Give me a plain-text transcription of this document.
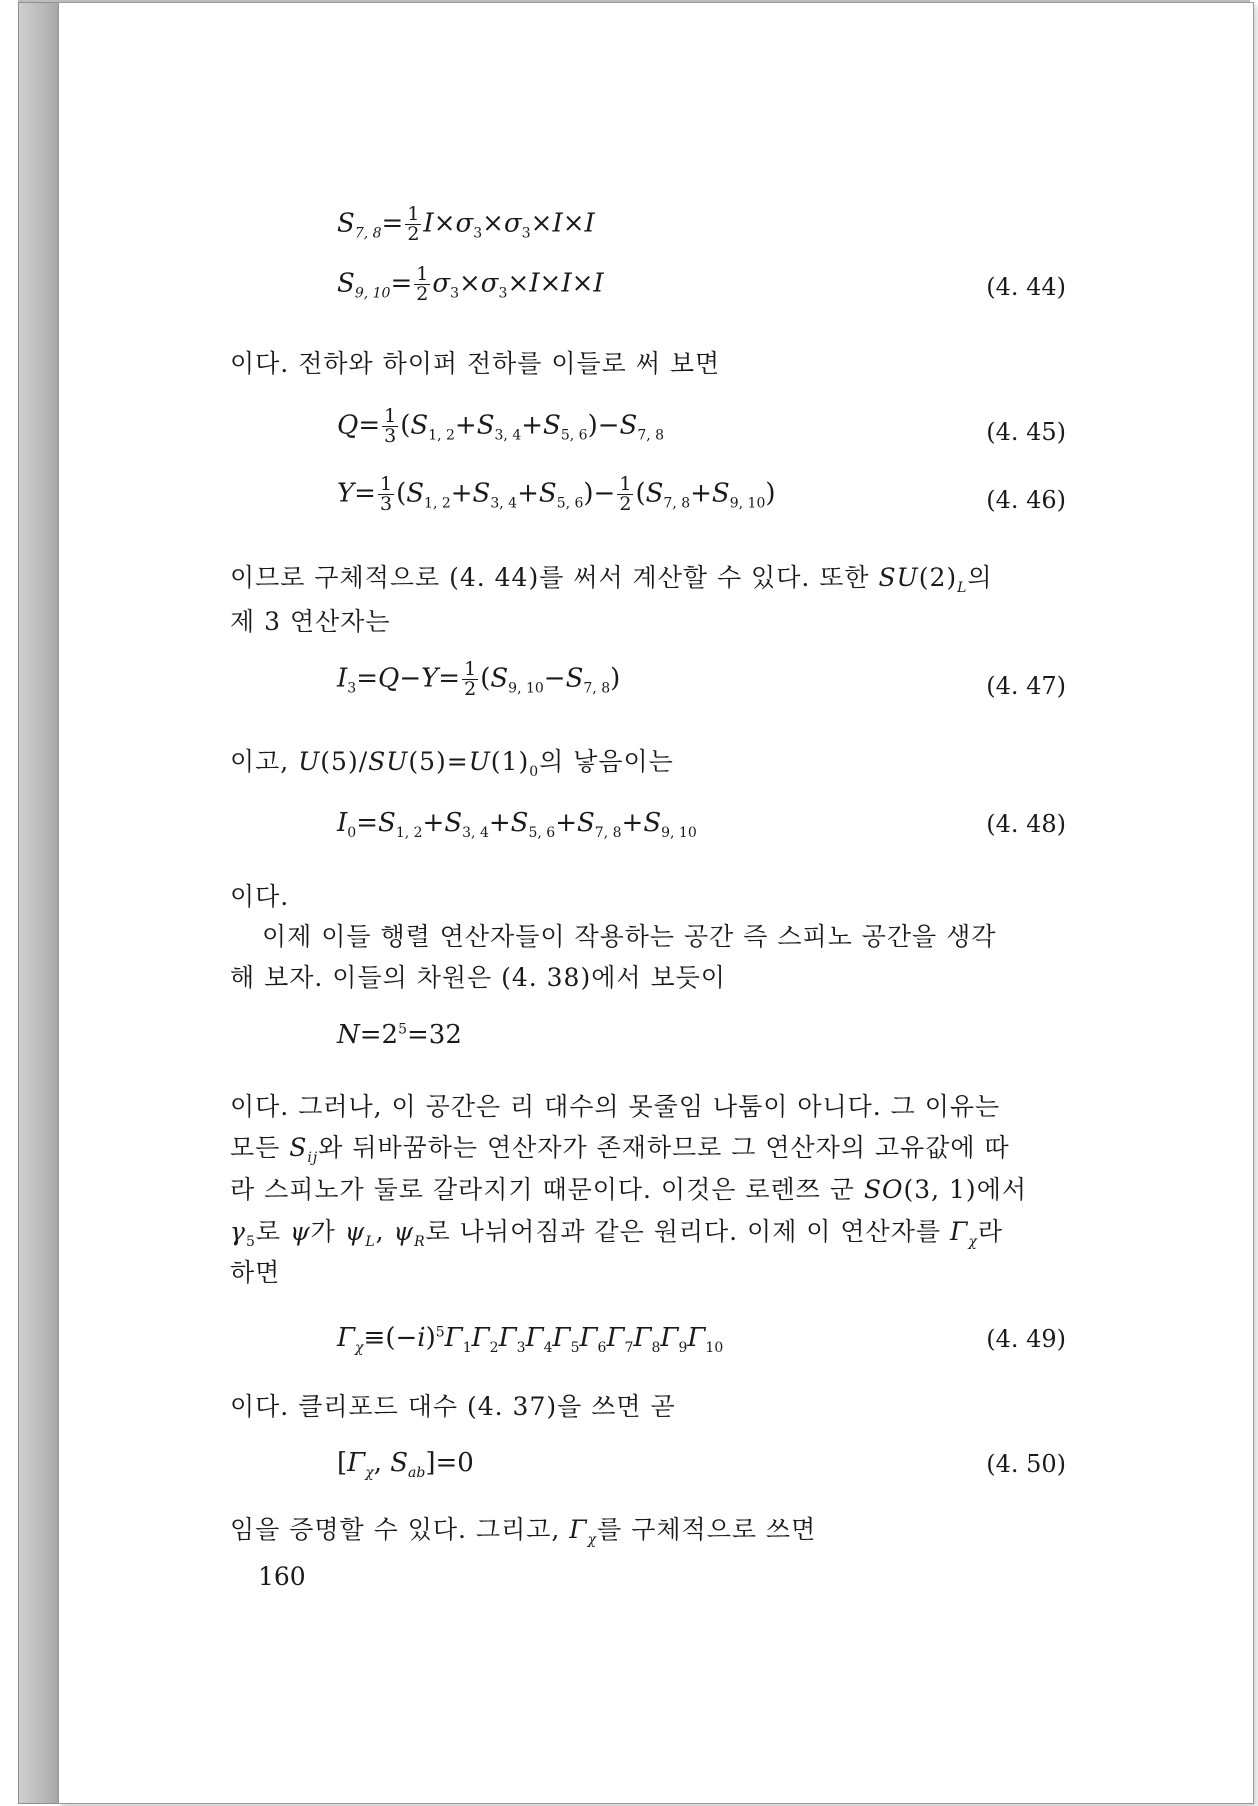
$S_{7, 8}= \frac{1}{2} I\times\sigma_3\times\sigma_3\times I\times I$
$S_{9, 10}= \frac{1}{2} \sigma_3\times\sigma_3\times I\times I\times I$	(4. 44)
이다. 전하와 하이퍼 전하를 이들로 써 보면
$Q= \frac{1}{3} (S_{1, 2}+S_{3, 4}+S_{5, 6})-S_{7, 8}$	(4. 45)
$Y= \frac{1}{3} (S_{1, 2}+S_{3, 4}+S_{5, 6})- \frac{1}{2} (S_{7, 8}+S_{9, 10})$	(4. 46)
이므로 구체적으로 (4. 44)를 써서 계산할 수 있다. 또한 $SU(2)_L$의
제 3 연산자는
$I_3=Q-Y= \frac{1}{2} (S_{9, 10}-S_{7, 8})$	(4. 47)
이고, $U(5)/SU(5)=U(1)_0$의 낳음이는
$I_0=S_{1, 2}+S_{3, 4}+S_{5, 6}+S_{7, 8}+S_{9, 10}$	(4. 48)
이다.
이제 이들 행렬 연산자들이 작용하는 공간 즉 스피노 공간을 생각
해 보자. 이들의 차원은 (4. 38)에서 보듯이
$N=2^5=32$
이다. 그러나, 이 공간은 리 대수의 못줄임 나툼이 아니다. 그 이유는
모든 $S_{ij}$와 뒤바꿈하는 연산자가 존재하므로 그 연산자의 고유값에 따
라 스피노가 둘로 갈라지기 때문이다. 이것은 로렌쯔 군 SO(3, 1)에서
$\gamma_5$로 ψ가 $\psi_L$, $\psi_R$로 나뉘어짐과 같은 원리다. 이제 이 연산자를 $\Gamma_\chi$라
하면
$\Gamma_\chi\equiv(-i)^5\Gamma_1\Gamma_2\Gamma_3\Gamma_4\Gamma_5\Gamma_6\Gamma_7\Gamma_8\Gamma_9\Gamma_{10}$	(4. 49)
이다. 클리포드 대수 (4. 37)을 쓰면 곧
[$\Gamma_\chi$, $S_{ab}]=0$	(4. 50)
임을 증명할 수 있다. 그리고, $\Gamma_\chi$를 구체적으로 쓰면
160
